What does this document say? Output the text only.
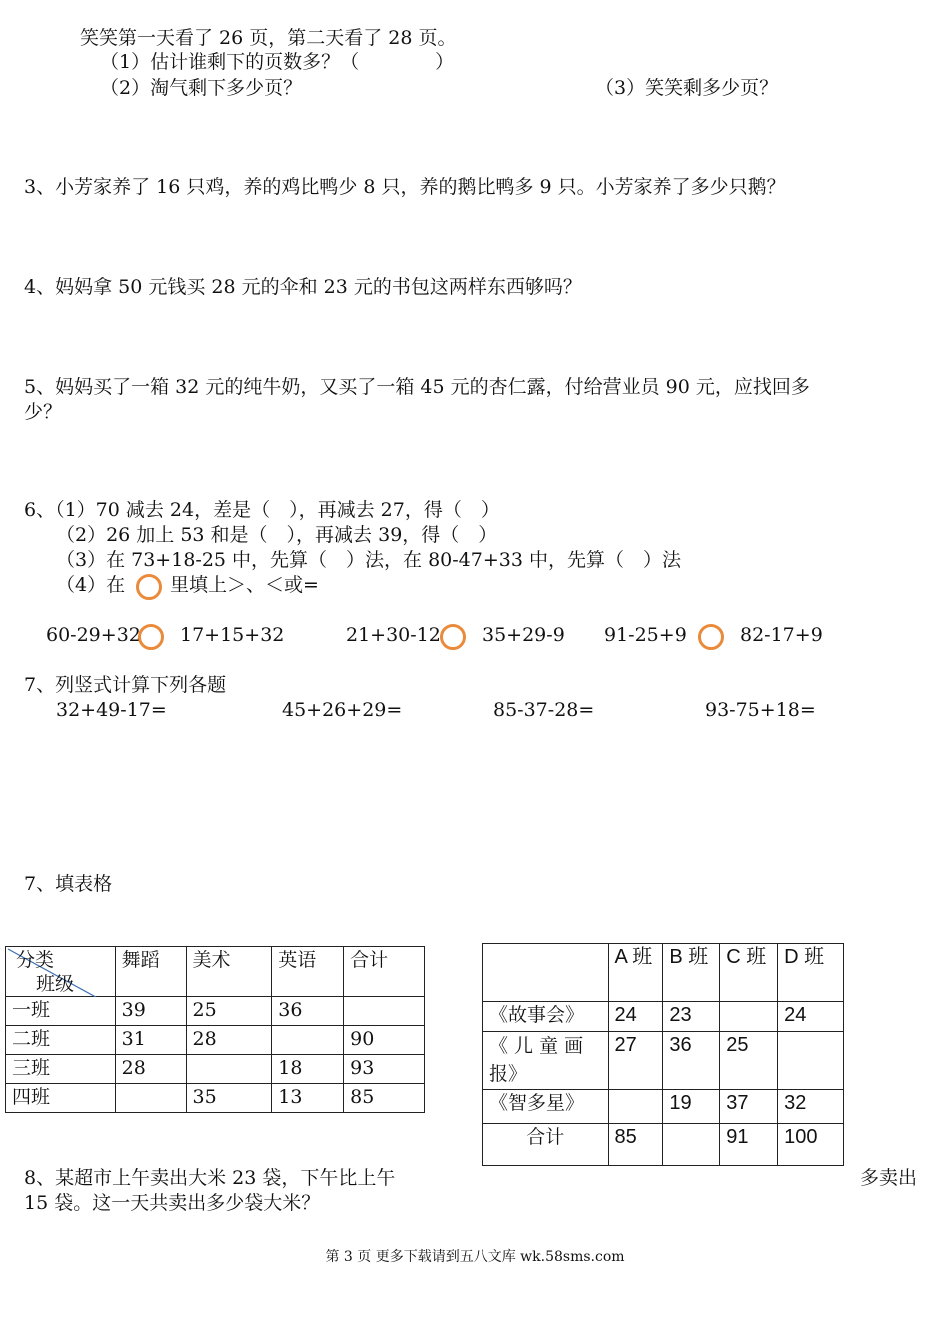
笑笑第一天看了 26 页，第二天看了 28 页。
（1）估计谁剩下的页数多？（　　　　）
（2）淘气剩下多少页？	（3）笑笑剩多少页？
3、小芳家养了 16 只鸡，养的鸡比鸭少 8 只，养的鹅比鸭多 9 只。小芳家养了多少只鹅？
4、妈妈拿 50 元钱买 28 元的伞和 23 元的书包这两样东西够吗？
5、妈妈买了一箱 32 元的纯牛奶，又买了一箱 45 元的杏仁露，付给营业员 90 元，应找回多
少？
6、（1）70 减去 24，差是（　），再减去 27，得（　）
（2）26 加上 53 和是（　），再减去 39，得（　）
（3）在 73+18-25 中，先算（　）法，在 80-47+33 中，先算（　）法
（4）在 里填上＞、＜或=
60-29+32 17+15+32	21+30-12 35+29-9 91-25+9	82-17+9
7、列竖式计算下列各题
32+49-17=	45+26+29=	85-37-28=	93-75+18=
7、填表格
分类
班级	舞蹈	美术	英语	合计
一班	39	25	36	
二班	31	28		90
三班	28		18	93
四班		35	13	85
	A 班	B 班	C 班	D 班
《故事会》	24	23		24
《 儿 童 画 报》	27	36	25	
《智多星》		19	37	32
合计	85		91	100
8、某超市上午卖出大米 23 袋，下午比上午	多卖出
15 袋。这一天共卖出多少袋大米？
第 3 页 更多下载请到五八文库 wk.58sms.com
